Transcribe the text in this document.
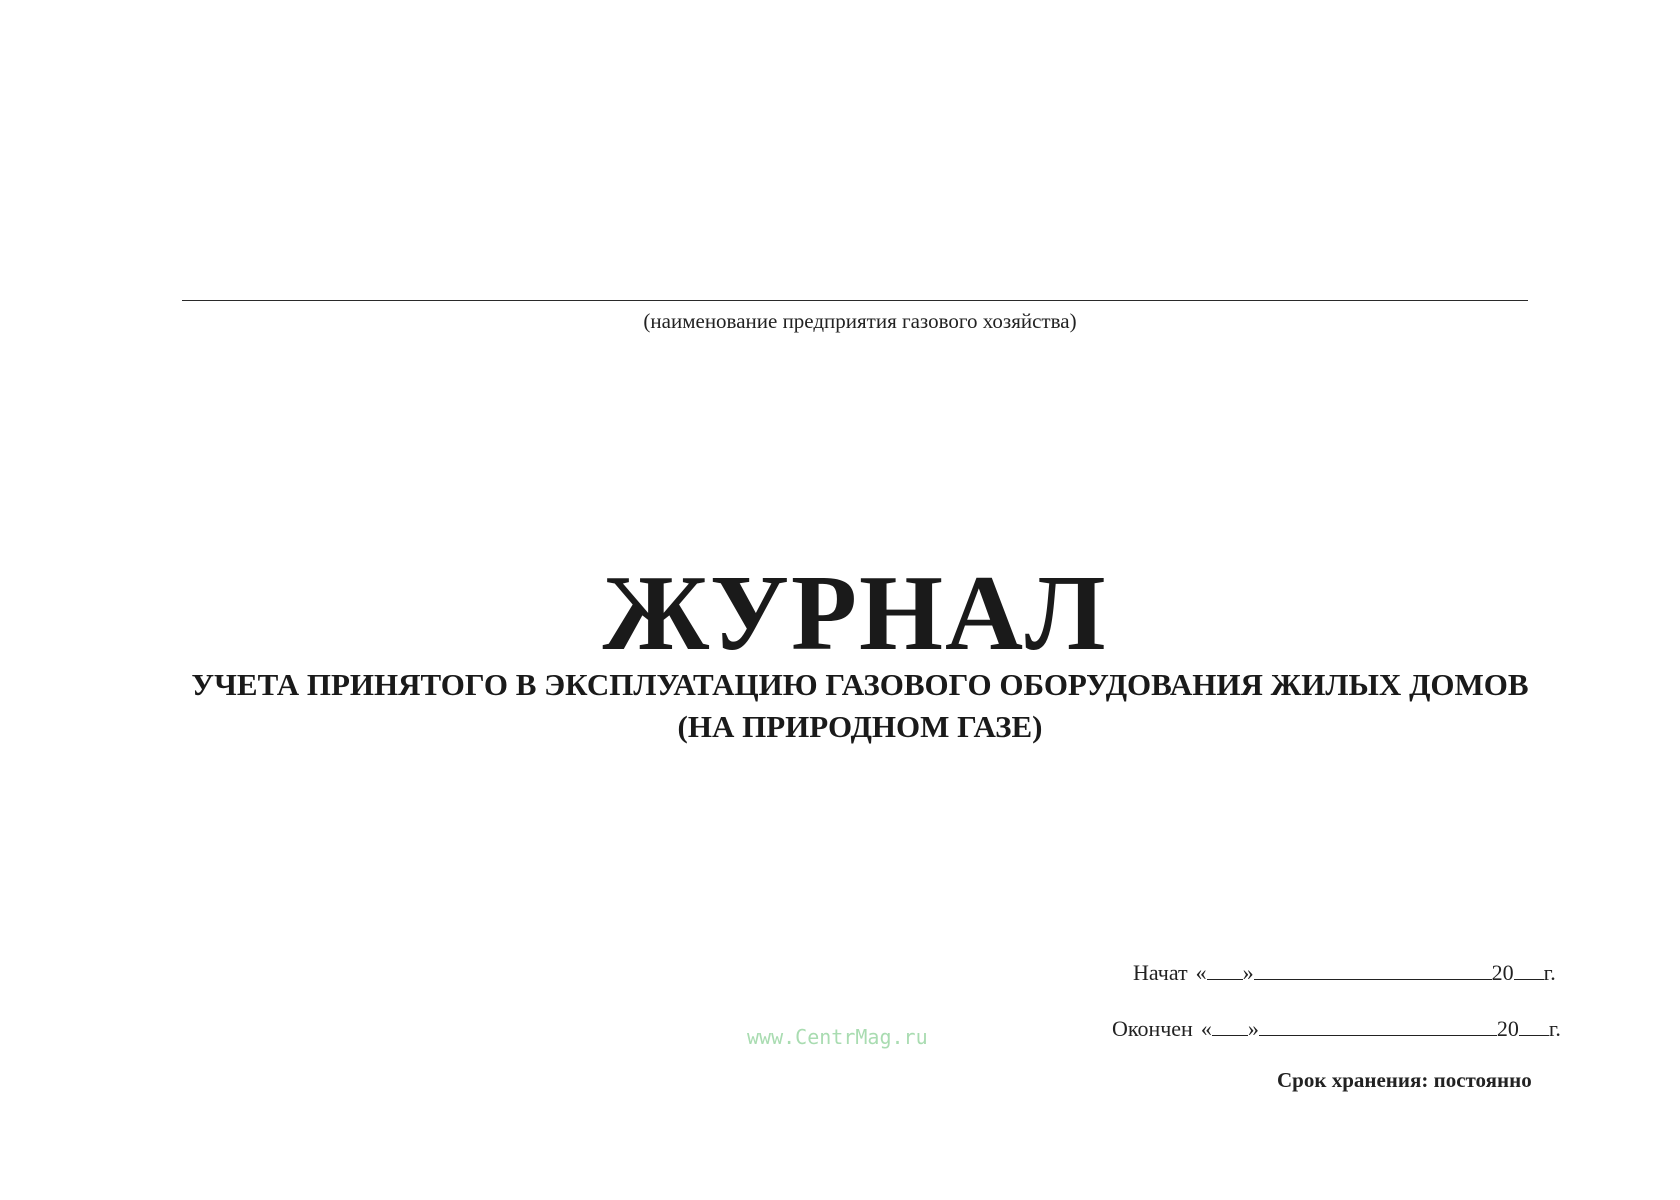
(наименование предприятия газового хозяйства)
ЖУРНАЛ
УЧЕТА ПРИНЯТОГО В ЭКСПЛУАТАЦИЮ ГАЗОВОГО ОБОРУДОВАНИЯ ЖИЛЫХ ДОМОВ
(НА ПРИРОДНОМ ГАЗЕ)
Начат « »	20 г.
www.CentrMag.ru	Окончен « »	20 г.
Срок хранения: постоянно
